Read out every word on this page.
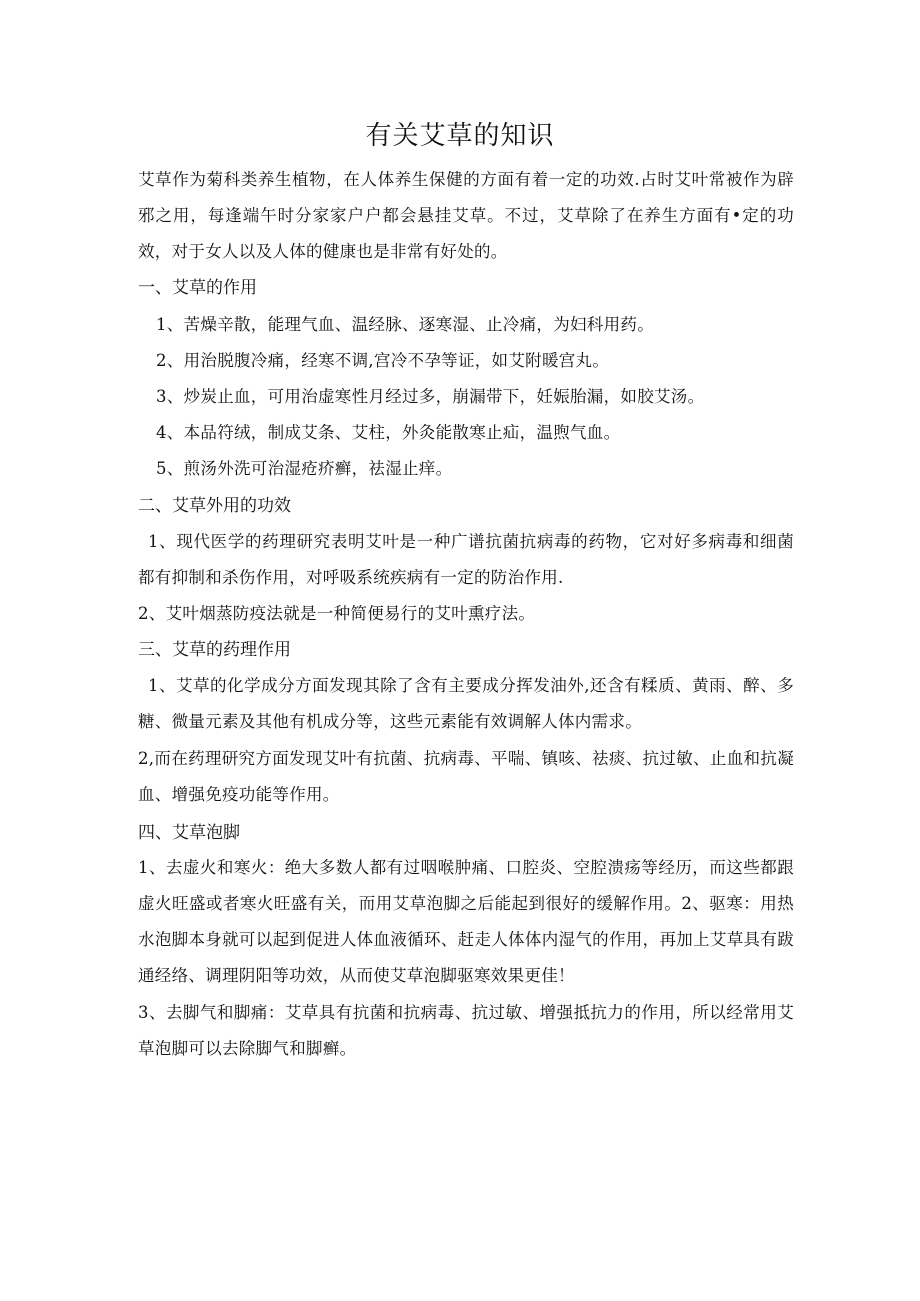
有关艾草的知识
艾草作为菊科类养生植物，在人体养生保健的方面有着一定的功效.占时艾叶常被作为辟邪之用，每逢端午时分家家户户都会悬挂艾草。不过，艾草除了在养生方面有•定的功效，对于女人以及人体的健康也是非常有好处的。
一、艾草的作用
1、苦燥辛散，能理气血、温经脉、逐寒湿、止冷痛，为妇科用药。
2、用治脱腹冷痛，经寒不调,宫冷不孕等证，如艾附暖宫丸。
3、炒炭止血，可用治虚寒性月经过多，崩漏带下，妊娠胎漏，如胶艾汤。
4、本品符绒，制成艾条、艾柱，外灸能散寒止疝，温煦气血。
5、煎汤外洗可治湿疮疥癣，祛湿止痒。
二、艾草外用的功效
1、现代医学的药理研究表明艾叶是一种广谱抗菌抗病毒的药物，它对好多病毒和细菌都有抑制和杀伤作用，对呼吸系统疾病有一定的防治作用.
2、艾叶烟蒸防疫法就是一种简便易行的艾叶熏疗法。
三、艾草的药理作用
1、艾草的化学成分方面发现其除了含有主要成分挥发油外,还含有糅质、黄雨、醉、多糖、微量元素及其他有机成分等，这些元素能有效调解人体内需求。
2,而在药理研究方面发现艾叶有抗菌、抗病毒、平喘、镇咳、祛痰、抗过敏、止血和抗凝血、增强免疫功能等作用。
四、艾草泡脚
1、去虚火和寒火：绝大多数人都有过咽喉肿痛、口腔炎、空腔溃疡等经历，而这些都跟虚火旺盛或者寒火旺盛有关，而用艾草泡脚之后能起到很好的缓解作用。2、驱寒：用热水泡脚本身就可以起到促进人体血液循环、赶走人体体内湿气的作用，再加上艾草具有跋通经络、调理阴阳等功效，从而使艾草泡脚驱寒效果更佳！
3、去脚气和脚痛：艾草具有抗菌和抗病毒、抗过敏、增强抵抗力的作用，所以经常用艾草泡脚可以去除脚气和脚癣。
